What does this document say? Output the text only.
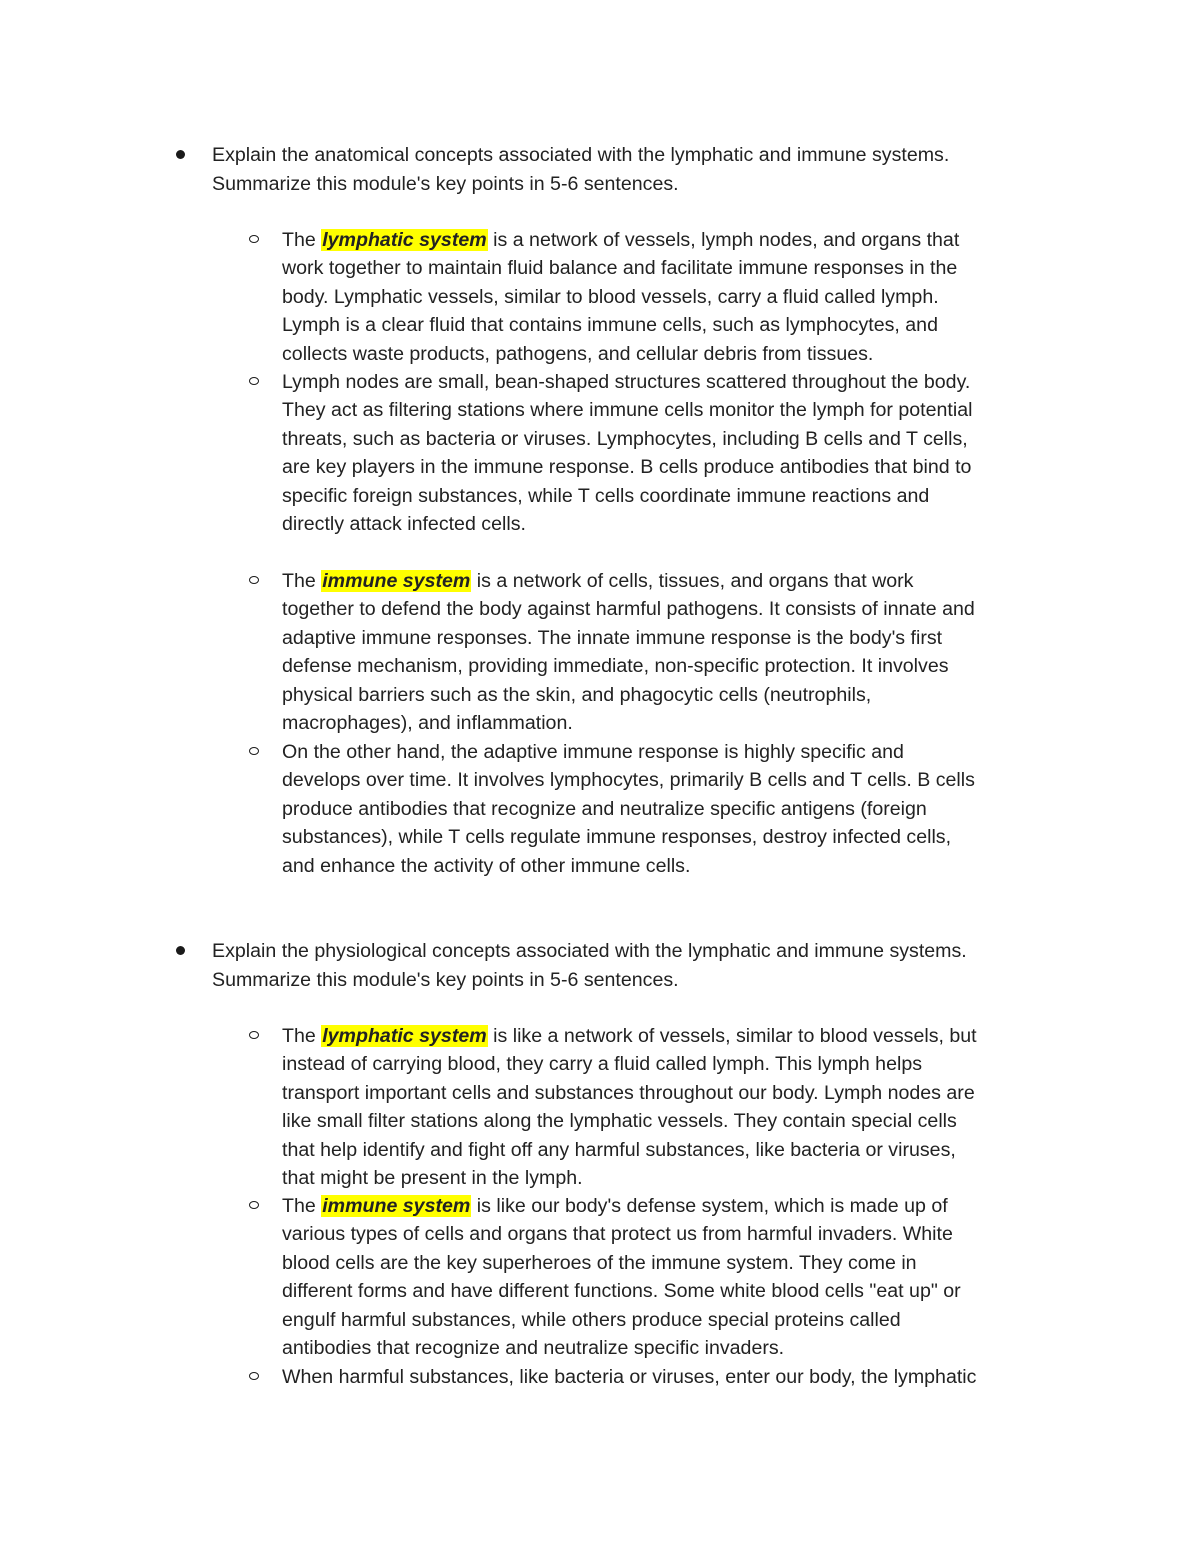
Explain the anatomical concepts associated with the lymphatic and immune systems.
Summarize this module's key points in 5-6 sentences.
The lymphatic system is a network of vessels, lymph nodes, and organs that
work together to maintain fluid balance and facilitate immune responses in the
body. Lymphatic vessels, similar to blood vessels, carry a fluid called lymph.
Lymph is a clear fluid that contains immune cells, such as lymphocytes, and
collects waste products, pathogens, and cellular debris from tissues.
Lymph nodes are small, bean-shaped structures scattered throughout the body.
They act as filtering stations where immune cells monitor the lymph for potential
threats, such as bacteria or viruses. Lymphocytes, including B cells and T cells,
are key players in the immune response. B cells produce antibodies that bind to
specific foreign substances, while T cells coordinate immune reactions and
directly attack infected cells.
The immune system is a network of cells, tissues, and organs that work
together to defend the body against harmful pathogens. It consists of innate and
adaptive immune responses. The innate immune response is the body's first
defense mechanism, providing immediate, non-specific protection. It involves
physical barriers such as the skin, and phagocytic cells (neutrophils,
macrophages), and inflammation.
On the other hand, the adaptive immune response is highly specific and
develops over time. It involves lymphocytes, primarily B cells and T cells. B cells
produce antibodies that recognize and neutralize specific antigens (foreign
substances), while T cells regulate immune responses, destroy infected cells,
and enhance the activity of other immune cells.
Explain the physiological concepts associated with the lymphatic and immune systems.
Summarize this module's key points in 5-6 sentences.
The lymphatic system is like a network of vessels, similar to blood vessels, but
instead of carrying blood, they carry a fluid called lymph. This lymph helps
transport important cells and substances throughout our body. Lymph nodes are
like small filter stations along the lymphatic vessels. They contain special cells
that help identify and fight off any harmful substances, like bacteria or viruses,
that might be present in the lymph.
The immune system is like our body's defense system, which is made up of
various types of cells and organs that protect us from harmful invaders. White
blood cells are the key superheroes of the immune system. They come in
different forms and have different functions. Some white blood cells "eat up" or
engulf harmful substances, while others produce special proteins called
antibodies that recognize and neutralize specific invaders.
When harmful substances, like bacteria or viruses, enter our body, the lymphatic
